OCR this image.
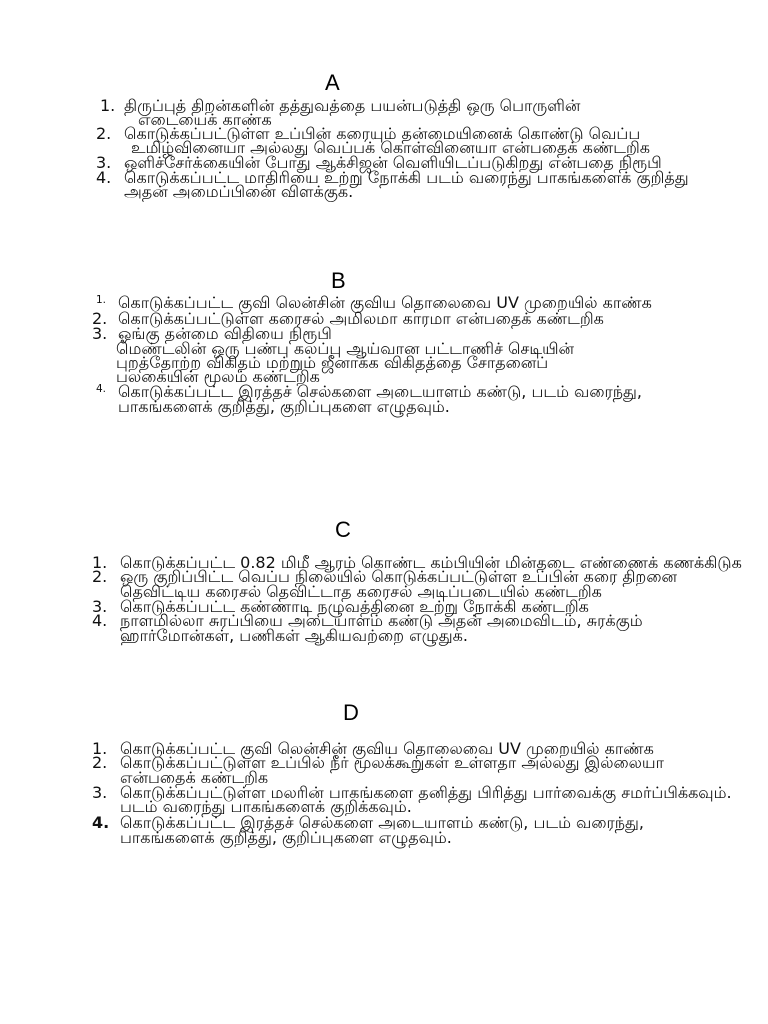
A
1. திருப்புத் திறன்களின் தத்துவத்தை பயன்படுத்தி ஒரு பொருளின்
எடையைக் காண்க
2. கொடுக்கப்பட்டுள்ள உப்பின் கரையும் தன்மையினைக் கொண்டு வெப்ப
உமிழ்வினையா அல்லது வெப்பக் கொள்வினையா என்பதைக் கண்டறிக
3. ஒளிச்சேர்க்கையின் போது ஆக்சிஜன் வெளியிடப்படுகிறது என்பதை நிரூபி
4. கொடுக்கப்பட்ட மாதிரியை உற்று நோக்கி படம் வரைந்து பாகங்களைக் குறித்து
அதன் அமைப்பினை விளக்குக.
B
1. கொடுக்கப்பட்ட குவி லென்சின் குவிய தொலைவை UV முறையில் காண்க
2. கொடுக்கப்பட்டுள்ள கரைசல் அமிலமா காரமா என்பதைக் கண்டறிக
3. ஓங்கு தன்மை விதியை நிரூபி
மெண்டலின் ஒரு பண்பு கலப்பு ஆய்வான பட்டாணிச் செடியின்
புறத்தோற்ற விகிதம் மற்றும் ஜீனாக்க விகிதத்தை சோதனைப்
பலகையின் மூலம் கண்டறிக
4. கொடுக்கப்பட்ட இரத்தச் செல்களை அடையாளம் கண்டு, படம் வரைந்து,
பாகங்களைக் குறித்து, குறிப்புகளை எழுதவும்.
C
1. கொடுக்கப்பட்ட 0.82 மிமீ ஆரம் கொண்ட கம்பியின் மின்தடை எண்ணைக் கணக்கிடுக
2. ஒரு குறிப்பிட்ட வெப்ப நிலையில் கொடுக்கப்பட்டுள்ள உப்பின் கரை திறனை
தெவிட்டிய கரைசல் தெவிட்டாத கரைசல் அடிப்படையில் கண்டறிக
3. கொடுக்கப்பட்ட கண்ணாடி நழுவத்தினை உற்று நோக்கி கண்டறிக
4. நாளமில்லா சுரப்பியை அடையாளம் கண்டு அதன் அமைவிடம், சுரக்கும்
ஹார்மோன்கள், பணிகள் ஆகியவற்றை எழுதுக.
D
1. கொடுக்கப்பட்ட குவி லென்சின் குவிய தொலைவை UV முறையில் காண்க
2. கொடுக்கப்பட்டுள்ள உப்பில் நீர் மூலக்கூறுகள் உள்ளதா அல்லது இல்லையா
என்பதைக் கண்டறிக
3. கொடுக்கப்பட்டுள்ள மலரின் பாகங்களை தனித்து பிரித்து பார்வைக்கு சமர்ப்பிக்கவும்.
படம் வரைந்து பாகங்களைக் குறிக்கவும்.
4. கொடுக்கப்பட்ட இரத்தச் செல்களை அடையாளம் கண்டு, படம் வரைந்து,
பாகங்களைக் குறித்து, குறிப்புகளை எழுதவும்.
